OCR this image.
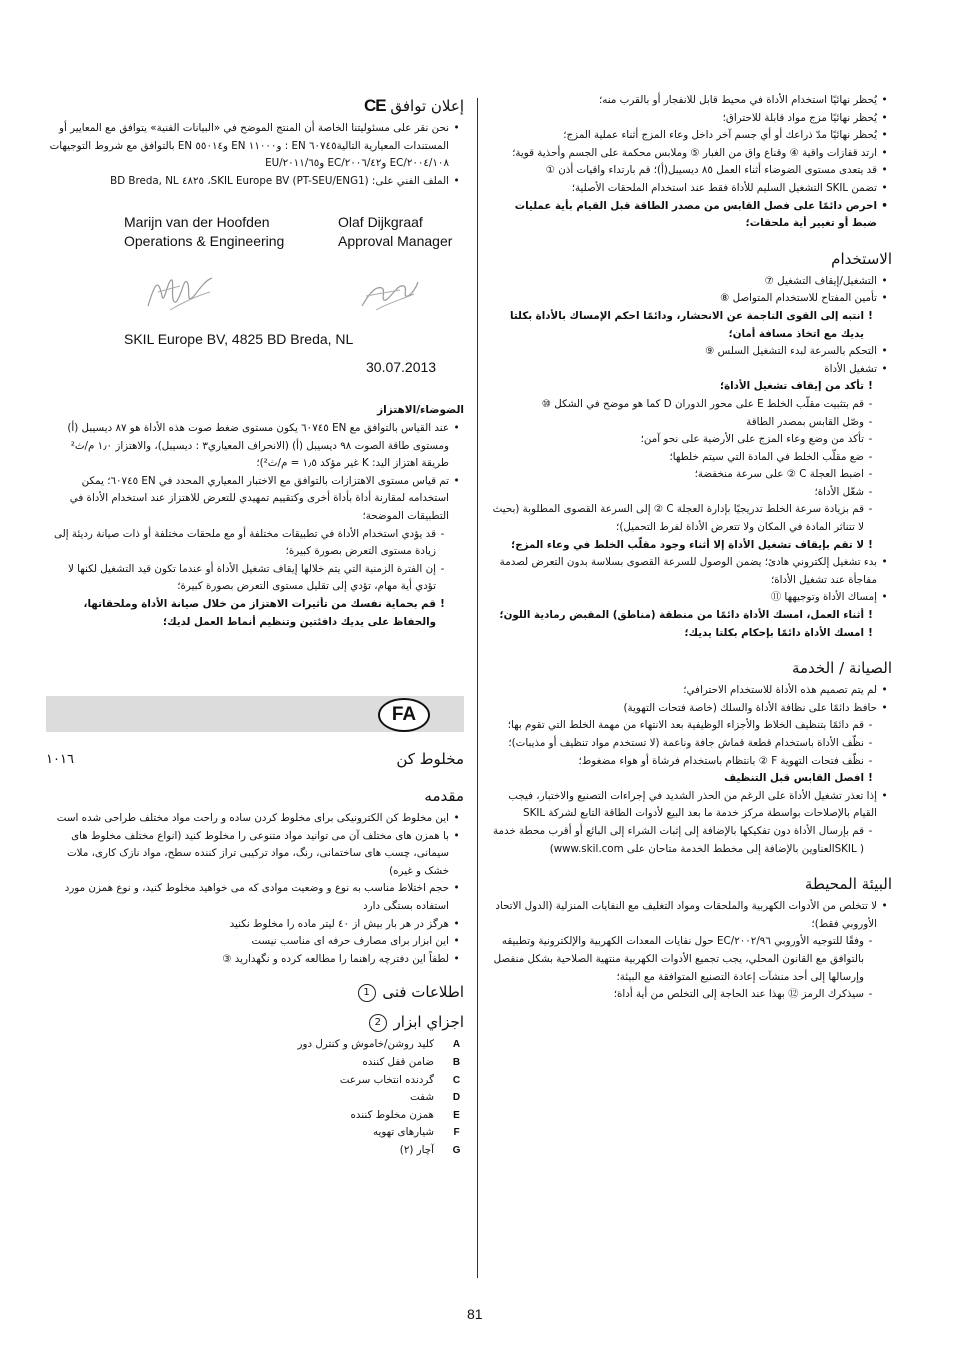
•
يُحظر نهائيًا استخدام الأداة في محيط قابل للانفجار أو بالقرب منه؛
•
يُحظر نهائيًا مزج مواد قابلة للاحتراق؛
•
يُحظر نهائيًا مدّ ذراعك أو أي جسم آخر داخل وعاء المزج أثناء عملية المزج؛
•
ارتد قفازات واقية ④ وقناع واق من الغبار ⑤ وملابس محكمة على الجسم وأحذية قوية؛
•
قد يتعدى مستوى الضوضاء أثناء العمل ٨٥ ديسيبل(أ)؛ قم بارتداء واقيات أذن ①
•
تضمن SKIL التشغيل السليم للأداة فقط عند استخدام الملحقات الأصلية؛
•
احرص دائمًا على فصل القابس من مصدر الطاقة قبل القيام بأية عمليات ضبط أو تغيير أية ملحقات؛
الاستخدام
•
التشغيل/إيقاف التشغيل ⑦
•
تأمين المفتاح للاستخدام المتواصل ⑧
!
انتبه إلى القوى الناجمة عن الانحشار، ودائمًا احكم الإمساك بالأداة بكلتا يديك مع اتخاذ مسافة أمان؛
•
التحكم بالسرعة لبدء التشغيل السلس ⑨
•
تشغيل الأداة
!
تأكد من إيقاف تشغيل الأداة؛
-
قم بتثبيت مقلّب الخلط E على محور الدوران D كما هو موضح في الشكل ⑩
-
وصّل القابس بمصدر الطاقة
-
تأكد من وضع وعاء المزج على الأرضية على نحو آمن؛
-
ضع مقلّب الخلط في المادة التي سيتم خلطها؛
-
اضبط العجلة C ② على سرعة منخفضة؛
-
شغّل الأداة؛
-
قم بزيادة سرعة الخلط تدريجيًا بإدارة العجلة C ② إلى السرعة القصوى المطلوبة (بحيث لا تتناثر المادة في المكان ولا تتعرض الأداة لفرط التحميل)؛
!
لا تقم بإيقاف تشغيل الأداة إلا أثناء وجود مقلّب الخلط في وعاء المزج؛
•
بدء تشغيل إلكتروني هادئ؛ يضمن الوصول للسرعة القصوى بسلاسة بدون التعرض لصدمة مفاجأة عند تشغيل الأداة؛
•
إمساك الأداة وتوجيهها ⑪
!
أثناء العمل، امسك الأداة دائمًا من منطقة (مناطق) المقبض رمادية اللون؛
!
امسك الأداة دائمًا بإحكام بكلتا يديك؛
الصيانة / الخدمة
•
لم يتم تصميم هذه الأداة للاستخدام الاحترافي؛
•
حافظ دائمًا على نظافة الأداة والسلك (خاصة فتحات التهوية)
-
قم دائمًا بتنظيف الخلاط والأجزاء الوظيفية بعد الانتهاء من مهمة الخلط التي تقوم بها؛
-
نظّف الأداة باستخدام قطعة قماش جافة وناعمة (لا تستخدم مواد تنظيف أو مذيبات)؛
-
نظّف فتحات التهوية F ② بانتظام باستخدام فرشاة أو هواء مضغوط؛
!
افصل القابس قبل التنظيف
•
إذا تعذر تشغيل الأداة على الرغم من الحذر الشديد في إجراءات التصنيع والاختبار، فيجب القيام بالإصلاحات بواسطة مركز خدمة ما بعد البيع لأدوات الطاقة التابع لشركة SKIL
-
قم بإرسال الأداة دون تفكيكها بالإضافة إلى إثبات الشراء إلى البائع أو أقرب محطة خدمة ( SKILالعناوين بالإضافة إلى مخطط الخدمة متاحان على www.skil.com)
البيئة المحيطة
•
لا تتخلص من الأدوات الكهربية والملحقات ومواد التغليف مع النفايات المنزلية (الدول الاتحاد الأوروبي فقط)؛
-
وفقًا للتوجيه الأوروبي ٢٠٠٢/٩٦/EC حول نفايات المعدات الكهربية والإلكترونية وتطبيقه بالتوافق مع القانون المحلي، يجب تجميع الأدوات الكهربية منتهية الصلاحية بشكل منفصل وإرسالها إلى أحد منشآت إعادة التصنيع المتوافقة مع البيئة؛
-
سيذكرك الرمز ⑫ بهذا عند الحاجة إلى التخلص من أية أداة؛
إعلان توافق CE
•
نحن نقر على مسئوليتنا الخاصة أن المنتج الموضح في «البيانات الفنية» يتوافق مع المعايير أو المستندات المعيارية التالية٦٠٧٤٥ EN : و١١٠٠٠ EN و٥٥٠١٤ EN بالتوافق مع شروط التوجيهات ٢٠٠٤/١٠٨/EC و٢٠٠٦/٤٢/EC و٢٠١١/٦٥/EU
•
الملف الفني على: SKIL Europe BV (PT-SEU/ENG1)، ٤٨٢٥ BD Breda, NL
Marijn van der Hoofden
Operations & Engineering
Olaf Dijkgraaf
Approval Manager
SKIL Europe BV, 4825 BD Breda, NL
30.07.2013
الضوضاء/الاهتزاز
•
عند القياس بالتوافق مع EN ٦٠٧٤٥ يكون مستوى ضغط صوت هذه الأداة هو ٨٧ ديسيبل (أ) ومستوى طاقة الصوت ٩٨ ديسيبل (أ) (الانحراف المعياري٣ : ديسيبل)، والاهتزاز ١٫٠ م/ث² طريقة اهتزاز اليد: K غير مؤكد ١٫٥ = م/ث²)؛
•
تم قياس مستوى الاهتزازات بالتوافق مع الاختبار المعياري المحدد في EN ٦٠٧٤٥؛ يمكن استخدامه لمقارنة أداة بأداة أخرى وكتقييم تمهيدي للتعرض للاهتزاز عند استخدام الأداة في التطبيقات الموضحة؛
-
قد يؤدي استخدام الأداة في تطبيقات مختلفة أو مع ملحقات مختلفة أو ذات صيانة رديئة إلى زيادة مستوى التعرض بصورة كبيرة؛
-
إن الفترة الزمنية التي يتم خلالها إيقاف تشغيل الأداة أو عندما تكون قيد التشغيل لكنها لا تؤدي أية مهام، تؤدي إلى تقليل مستوى التعرض بصورة كبيرة؛
!
قم بحماية نفسك من تأثيرات الاهتزاز من خلال صيانة الأداة وملحقاتها، والحفاظ على يديك دافئتين وتنظيم أنماط العمل لديك؛
FA
مخلوط کن
١٠١٦
مقدمه
•
این مخلوط کن الکترونیکی برای مخلوط کردن ساده و راحت مواد مختلف طراحی شده است
•
با همزن های مختلف آن می توانید مواد متنوعی را مخلوط کنید (انواع مختلف مخلوط های سیمانی، چسب های ساختمانی، رنگ، مواد ترکیبی تراز کننده سطح، مواد نازک کاری، ملات خشک و غیره)
•
حجم اختلاط مناسب به نوع و وضعیت موادی که می خواهید مخلوط کنید، و نوع همزن مورد استفاده بستگی دارد
•
هرگز در هر بار بیش از ٤٠ لیتر ماده را مخلوط نکنید
•
این ابزار برای مصارف حرفه ای مناسب نیست
•
لطفاً این دفترچه راهنما را مطالعه کرده و نگهدارید ③
اطلاعات فنی 1
اجزاي ابزار 2
A
کلید روشن/خاموش و کنترل دور
B
ضامن قفل کننده
C
گردنده انتخاب سرعت
D
شفت
E
همزن مخلوط کننده
F
شیارهای تهویه
G
آچار (٢)
81
